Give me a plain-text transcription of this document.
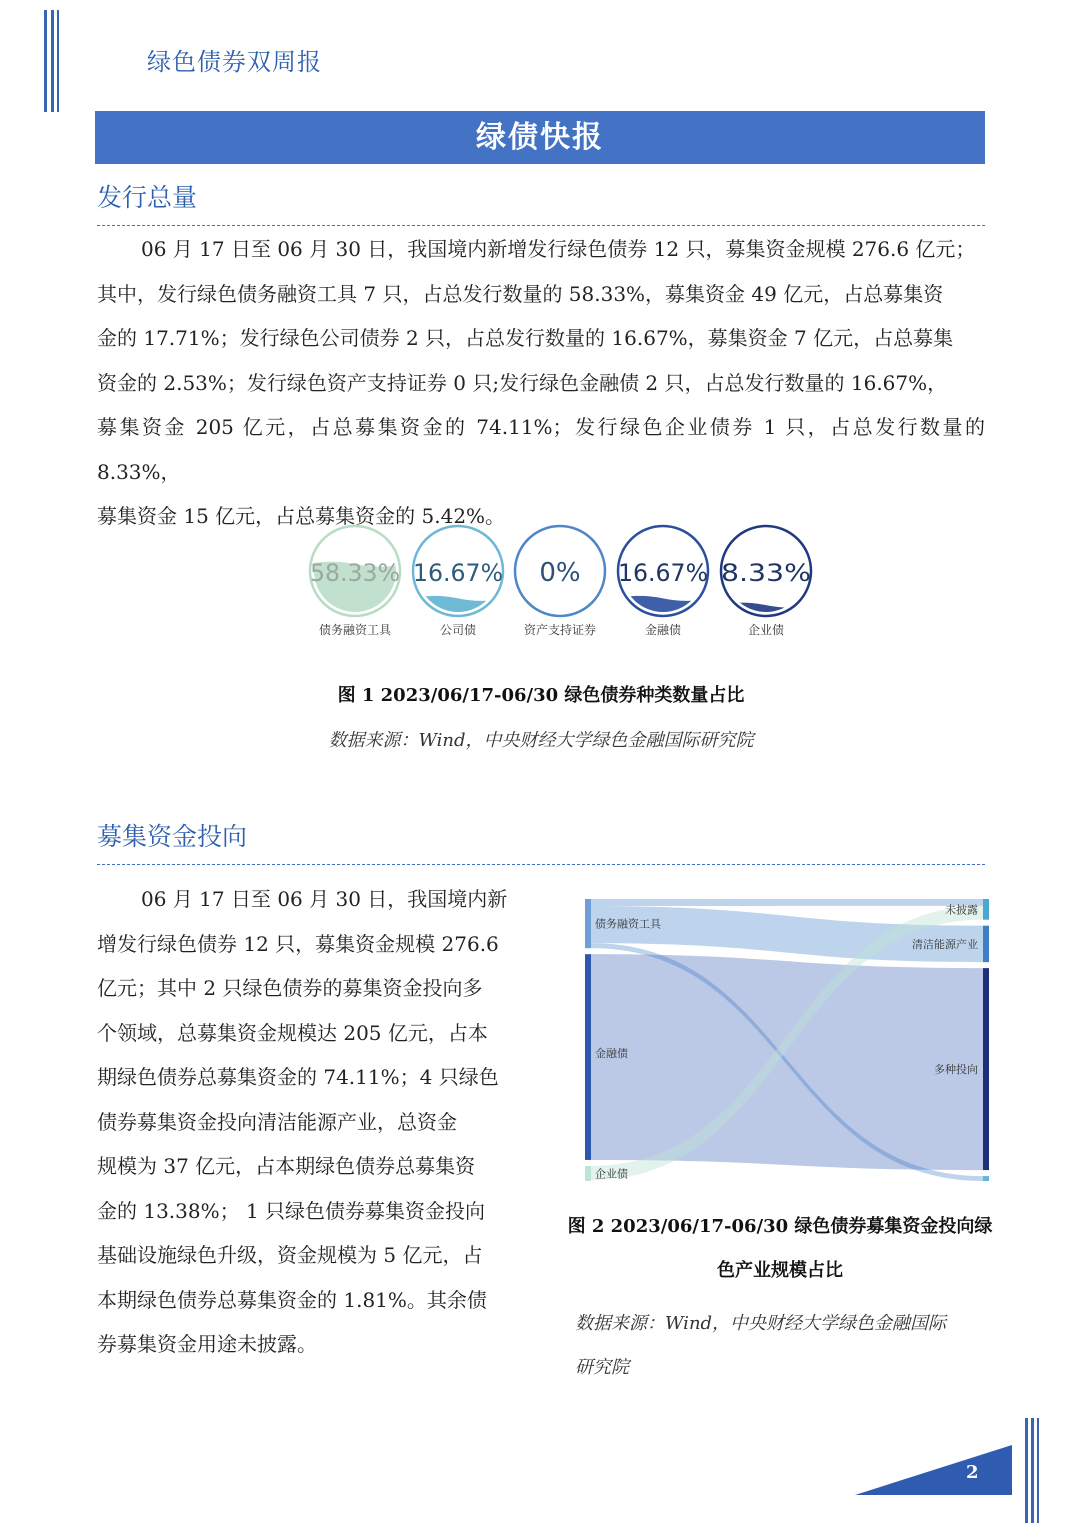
绿色债券双周报
绿债快报
发行总量
06 月 17 日至 06 月 30 日，我国境内新增发行绿色债券 12 只，募集资金规模 276.6 亿元；
其中，发行绿色债务融资工具 7 只，占总发行数量的 58.33%，募集资金 49 亿元，占总募集资
金的 17.71%；发行绿色公司债券 2 只，占总发行数量的 16.67%，募集资金 7 亿元，占总募集
资金的 2.53%；发行绿色资产支持证券 0 只;发行绿色金融债 2 只，占总发行数量的 16.67%，
募集资金 205 亿元，占总募集资金的 74.11%；发行绿色企业债券 1 只，占总发行数量的 8.33%，
募集资金 15 亿元，占总募集资金的 5.42%。
58.33%
债务融资工具
16.67%
公司债
0%
资产支持证券
16.67%
金融债
8.33%
企业债
图 1 2023/06/17-06/30 绿色债券种类数量占比
数据来源：Wind，中央财经大学绿色金融国际研究院
募集资金投向
06 月 17 日至 06 月 30 日，我国境内新
增发行绿色债券 12 只，募集资金规模 276.6
亿元；其中 2 只绿色债券的募集资金投向多
个领域，总募集资金规模达 205 亿元，占本
期绿色债券总募集资金的 74.11%；4 只绿色
债券募集资金投向清洁能源产业，总资金
规模为 37 亿元，占本期绿色债券总募集资
金的 13.38%； 1 只绿色债券募集资金投向
基础设施绿色升级，资金规模为 5 亿元，占
本期绿色债券总募集资金的 1.81%。其余债
券募集资金用途未披露。
债务融资工具
金融债
企业债
未披露
清洁能源产业
多种投向
图 2 2023/06/17-06/30 绿色债券募集资金投向绿
色产业规模占比
数据来源：Wind，中央财经大学绿色金融国际
研究院
2
